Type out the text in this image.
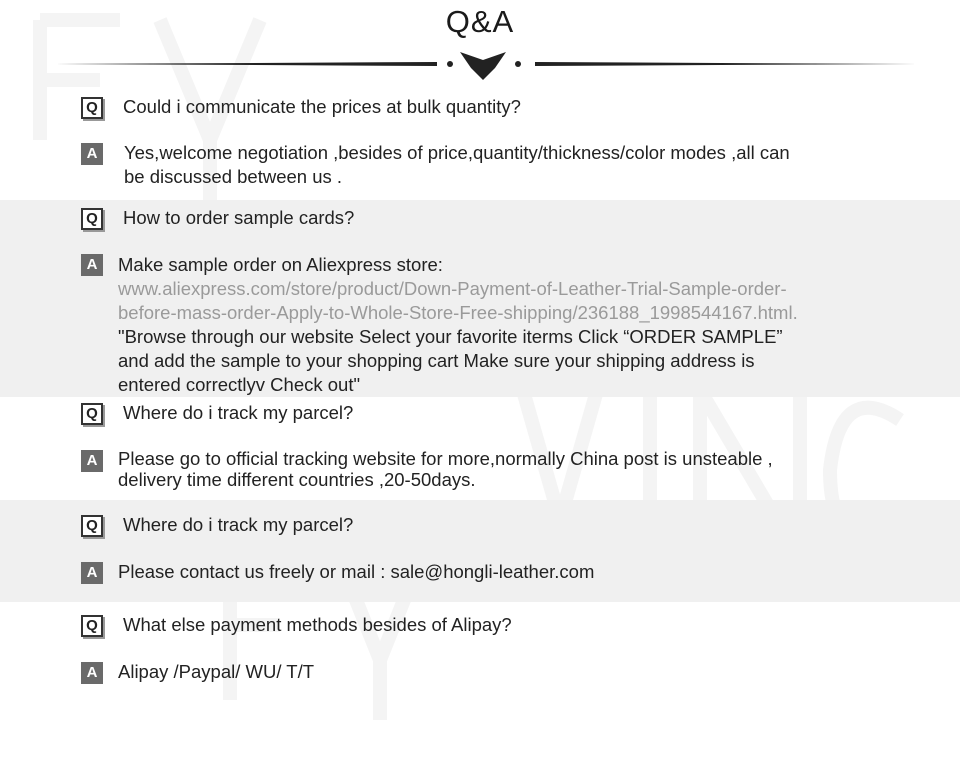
Q&A
Q Could i communicate the prices at bulk quantity?
A	Yes,welcome negotiation ,besides of price,quantity/thickness/color modes ,all can
be discussed between us .
Q How to order sample cards?
A	Make sample order on Aliexpress store:
www.aliexpress.com/store/product/Down-Payment-of-Leather-Trial-Sample-order-
before-mass-order-Apply-to-Whole-Store-Free-shipping/236188_1998544167.html.
"Browse through our website Select your favorite iterms Click “ORDER SAMPLE”
and add the sample to your shopping cart Make sure your shipping address is
entered correctlyv Check out"
Q Where do i track my parcel?
A	Please go to official tracking website for more,normally China post is unsteable ,
delivery time different countries ,20-50days.
Q Where do i track my parcel?
A	Please contact us freely or mail : sale@hongli-leather.com
Q What else payment methods besides of Alipay?
A	Alipay /Paypal/ WU/ T/T
